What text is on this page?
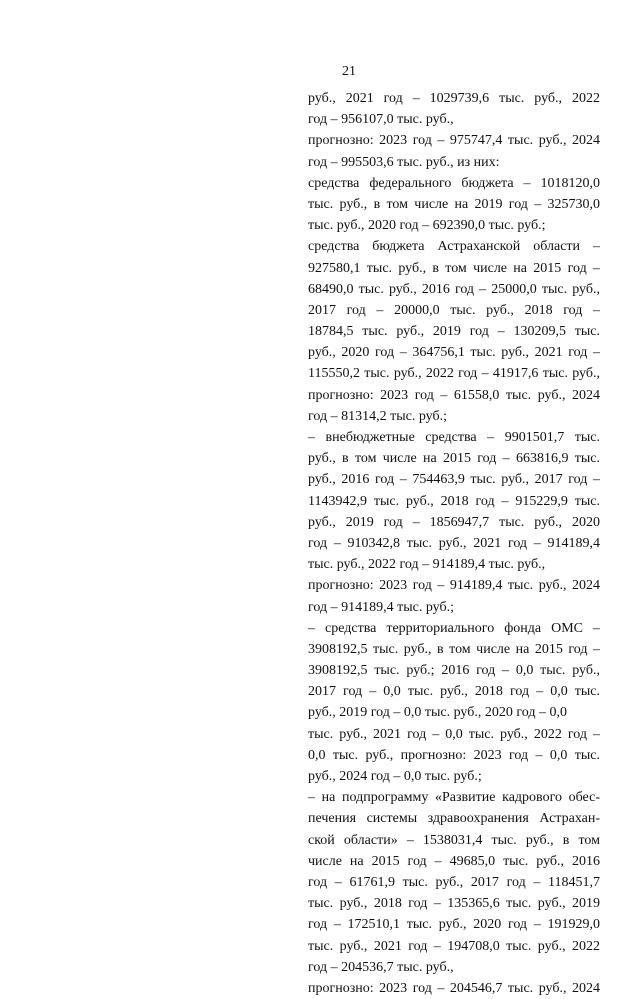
21
руб., 2021 год – 1029739,6 тыс. руб., 2022
год – 956107,0 тыс. руб.,
прогнозно: 2023 год – 975747,4 тыс. руб., 2024
год – 995503,6 тыс. руб., из них:
средства федерального бюджета – 1018120,0
тыс. руб., в том числе на 2019 год – 325730,0
тыс. руб., 2020 год – 692390,0 тыс. руб.;
средства бюджета Астраханской области –
927580,1 тыс. руб., в том числе на 2015 год –
68490,0 тыс. руб., 2016 год – 25000,0 тыс. руб.,
2017 год – 20000,0 тыс. руб., 2018 год –
18784,5 тыс. руб., 2019 год – 130209,5 тыс.
руб., 2020 год – 364756,1 тыс. руб., 2021 год –
115550,2 тыс. руб., 2022 год – 41917,6 тыс. руб.,
прогнозно: 2023 год – 61558,0 тыс. руб., 2024
год – 81314,2 тыс. руб.;
– внебюджетные средства – 9901501,7 тыс.
руб., в том числе на 2015 год – 663816,9 тыс.
руб., 2016 год – 754463,9 тыс. руб., 2017 год –
1143942,9 тыс. руб., 2018 год – 915229,9 тыс.
руб., 2019 год – 1856947,7 тыс. руб., 2020
год – 910342,8 тыс. руб., 2021 год – 914189,4
тыс. руб., 2022 год – 914189,4 тыс. руб.,
прогнозно: 2023 год – 914189,4 тыс. руб., 2024
год – 914189,4 тыс. руб.;
– средства территориального фонда ОМС –
3908192,5 тыс. руб., в том числе на 2015 год –
3908192,5 тыс. руб.; 2016 год – 0,0 тыс. руб.,
2017 год – 0,0 тыс. руб., 2018 год – 0,0 тыс.
руб., 2019 год – 0,0 тыс. руб., 2020 год – 0,0
тыс. руб., 2021 год – 0,0 тыс. руб., 2022 год –
0,0 тыс. руб., прогнозно: 2023 год – 0,0 тыс.
руб., 2024 год – 0,0 тыс. руб.;
– на подпрограмму «Развитие кадрового обес-
печения системы здравоохранения Астрахан-
ской области» – 1538031,4 тыс. руб., в том
числе на 2015 год – 49685,0 тыс. руб., 2016
год – 61761,9 тыс. руб., 2017 год – 118451,7
тыс. руб., 2018 год – 135365,6 тыс. руб., 2019
год – 172510,1 тыс. руб., 2020 год – 191929,0
тыс. руб., 2021 год – 194708,0 тыс. руб., 2022
год – 204536,7 тыс. руб.,
прогнозно: 2023 год – 204546,7 тыс. руб., 2024
